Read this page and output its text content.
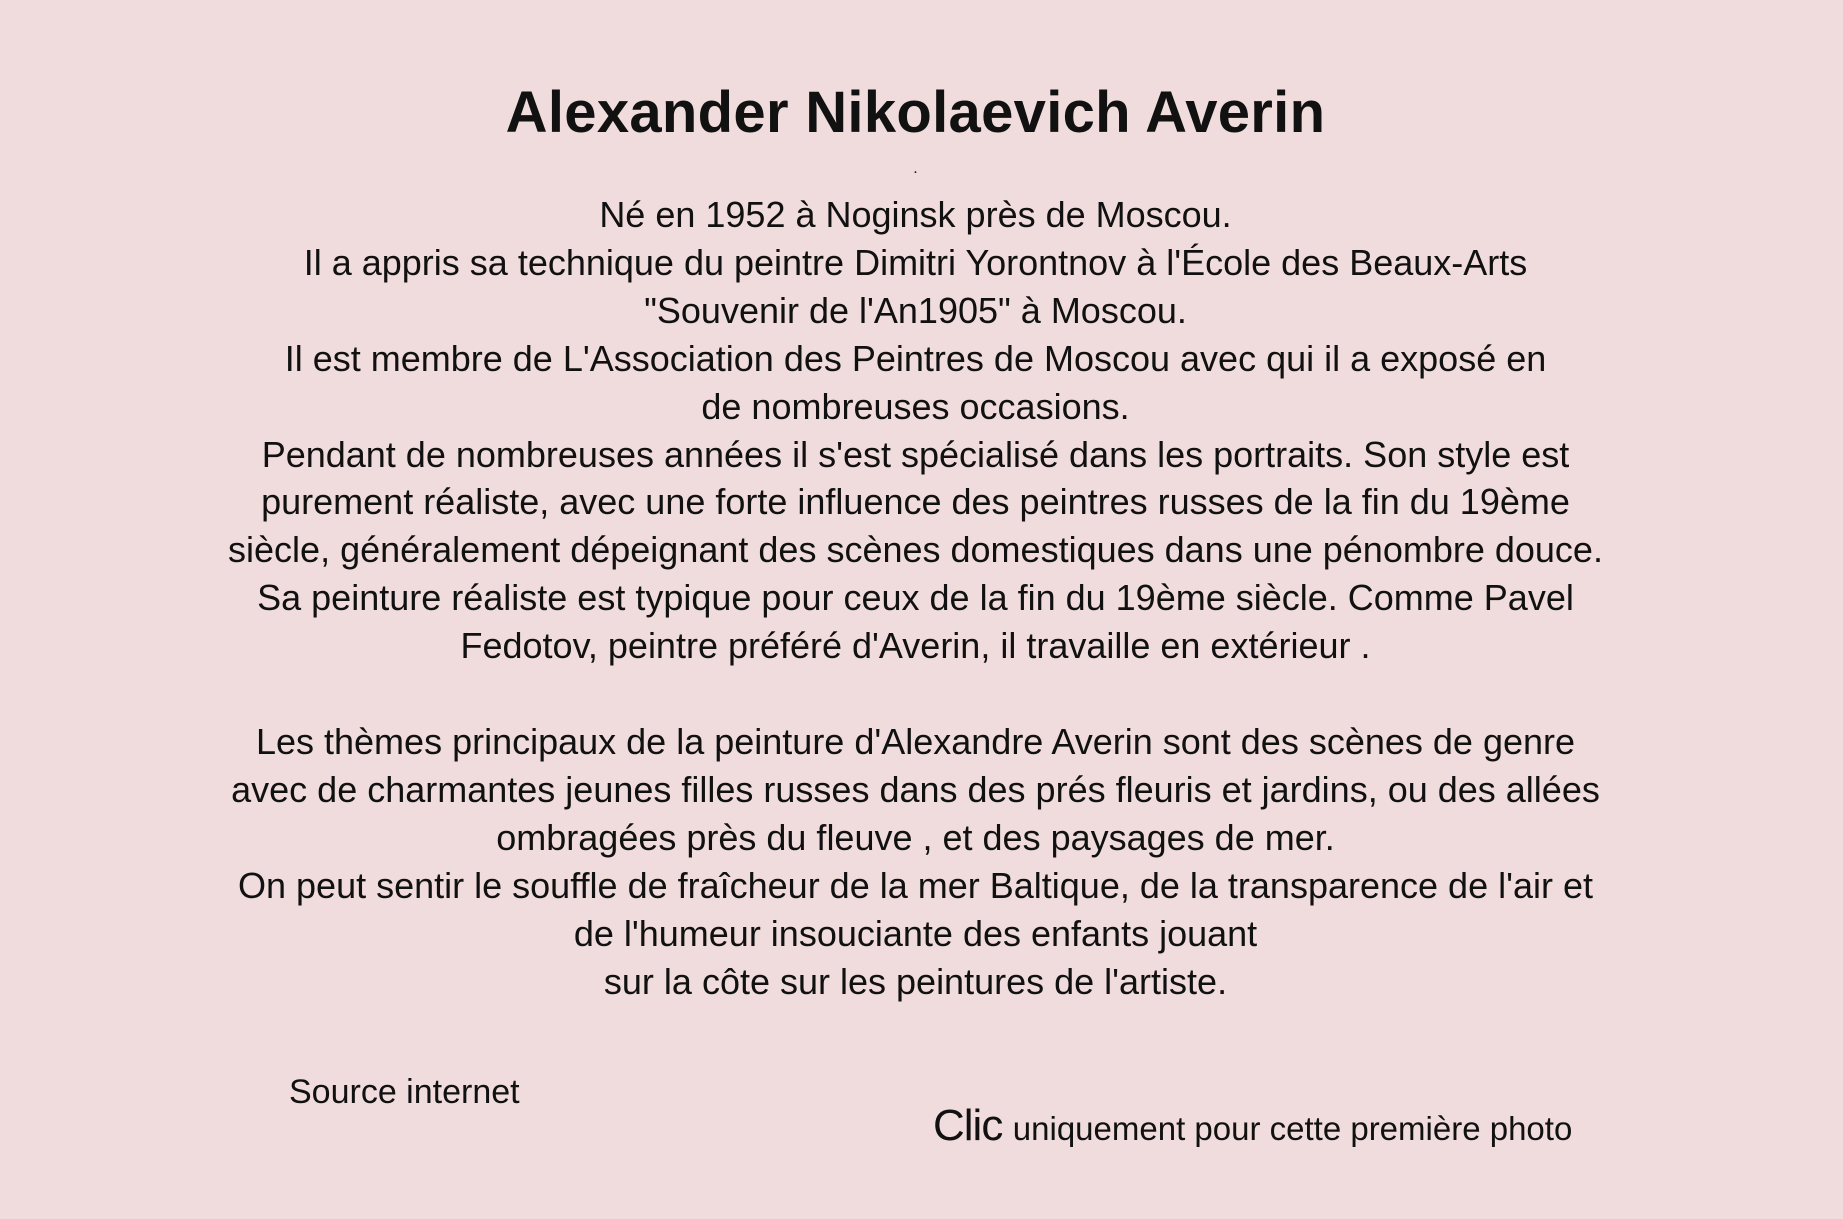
Alexander Nikolaevich Averin
.
Né en 1952 à Noginsk près de Moscou.
Il a appris sa technique du peintre Dimitri Yorontnov à l'École des Beaux-Arts
"Souvenir de l'An1905" à Moscou.
Il est membre de L'Association des Peintres de Moscou avec qui il a exposé en
de nombreuses occasions.
Pendant de nombreuses années il s'est spécialisé dans les portraits. Son style est
purement réaliste, avec une forte influence des peintres russes de la fin du 19ème
siècle, généralement dépeignant des scènes domestiques dans une pénombre douce.
Sa peinture réaliste est typique pour ceux de la fin du 19ème siècle. Comme Pavel
Fedotov, peintre préféré d'Averin, il travaille en extérieur .

Les thèmes principaux de la peinture d'Alexandre Averin sont des scènes de genre
avec de charmantes jeunes filles russes dans des prés fleuris et jardins, ou des allées
ombragées près du fleuve , et des paysages de mer.
On peut sentir le souffle de fraîcheur de la mer Baltique, de la transparence de l'air et
de l'humeur insouciante des enfants jouant
sur la côte sur les peintures de l'artiste.
Source internet
Clic uniquement pour cette première photo
